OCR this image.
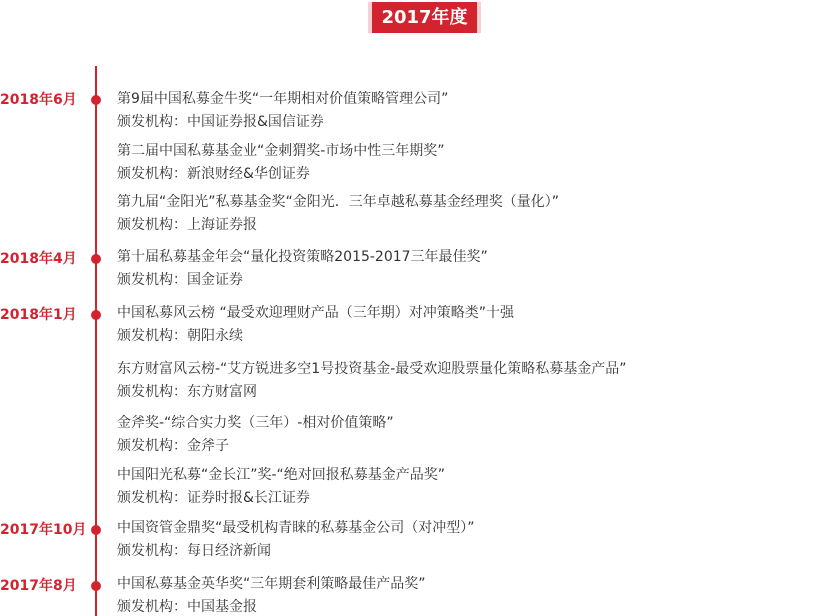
2017年度
2018年6月
2018年4月
2018年1月
2017年10月
2017年8月
第9届中国私募金牛奖“一年期相对价值策略管理公司”
颁发机构：中国证券报&国信证券
第二届中国私募基金业“金刺猬奖-市场中性三年期奖”
颁发机构：新浪财经&华创证券
第九届“金阳光”私募基金奖“金阳光．三年卓越私募基金经理奖（量化）”
颁发机构：上海证券报
第十届私募基金年会“量化投资策略2015-2017三年最佳奖”
颁发机构：国金证券
中国私募风云榜 “最受欢迎理财产品（三年期）对冲策略类”十强
颁发机构：朝阳永续
东方财富风云榜-“艾方锐进多空1号投资基金-最受欢迎股票量化策略私募基金产品”
颁发机构：东方财富网
金斧奖-“综合实力奖（三年）-相对价值策略”
颁发机构：金斧子
中国阳光私募“金长江”奖-“绝对回报私募基金产品奖”
颁发机构：证券时报&长江证券
中国资管金鼎奖“最受机构青睐的私募基金公司（对冲型）”
颁发机构：每日经济新闻
中国私募基金英华奖“三年期套利策略最佳产品奖”
颁发机构：中国基金报
